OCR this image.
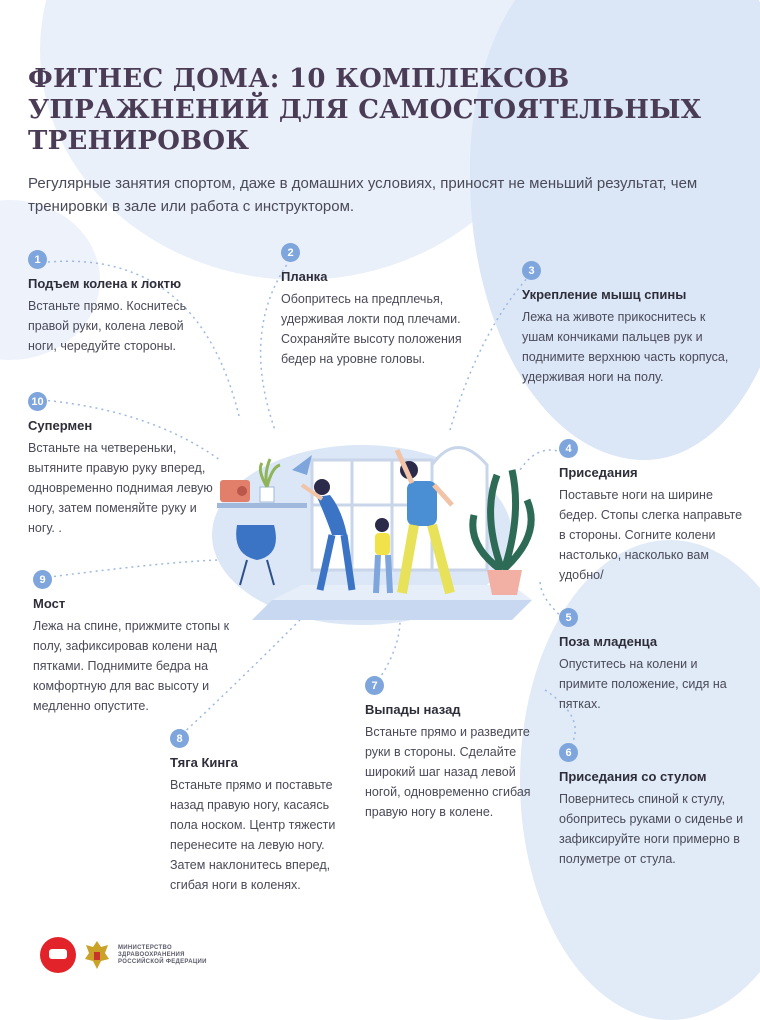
ФИТНЕС ДОМА: 10 КОМПЛЕКСОВ УПРАЖНЕНИЙ ДЛЯ САМОСТОЯТЕЛЬНЫХ ТРЕНИРОВОК

Регулярные занятия спортом, даже в домашних условиях, приносят не меньший результат, чем тренировки в зале или работа с инструктором.

1
Подъем колена к локтю
Встаньте прямо. Коснитесь правой руки, колена левой ноги, чередуйте стороны.
2
Планка
Обопритесь на предплечья, удерживая локти под плечами. Сохраняйте высоту положения бедер на уровне головы.
3
Укрепление мышц спины
Лежа на животе прикоснитесь к ушам кончиками пальцев рук и поднимите верхнюю часть корпуса, удерживая ноги на полу.
4
Приседания
Поставьте ноги на ширине бедер. Стопы слегка направьте в стороны. Согните колени настолько, насколько вам удобно/
5
Поза младенца
Опуститесь на колени и примите положение, сидя на пятках.
6
Приседания со стулом
Повернитесь спиной к стулу, обопритесь руками о сиденье и зафиксируйте ноги примерно в полуметре от стула.
7
Выпады назад
Встаньте прямо и разведите руки в стороны. Сделайте широкий шаг назад левой ногой, одновременно сгибая правую ногу в колене.
8
Тяга Кинга
Встаньте прямо и поставьте назад правую ногу, касаясь пола носком. Центр тяжести перенесите на левую ногу. Затем наклонитесь вперед, сгибая ноги в коленях.
9
Мост
Лежа на спине, прижмите стопы к полу, зафиксировав колени над пятками. Поднимите бедра на комфортную для вас высоту и медленно опустите.
10
Супермен
Встаньте на четвереньки, вытяните правую руку вперед, одновременно поднимая левую ногу, затем поменяйте руку и ногу. .
МИНИСТЕРСТВО
ЗДРАВООХРАНЕНИЯ
РОССИЙСКОЙ ФЕДЕРАЦИИ
